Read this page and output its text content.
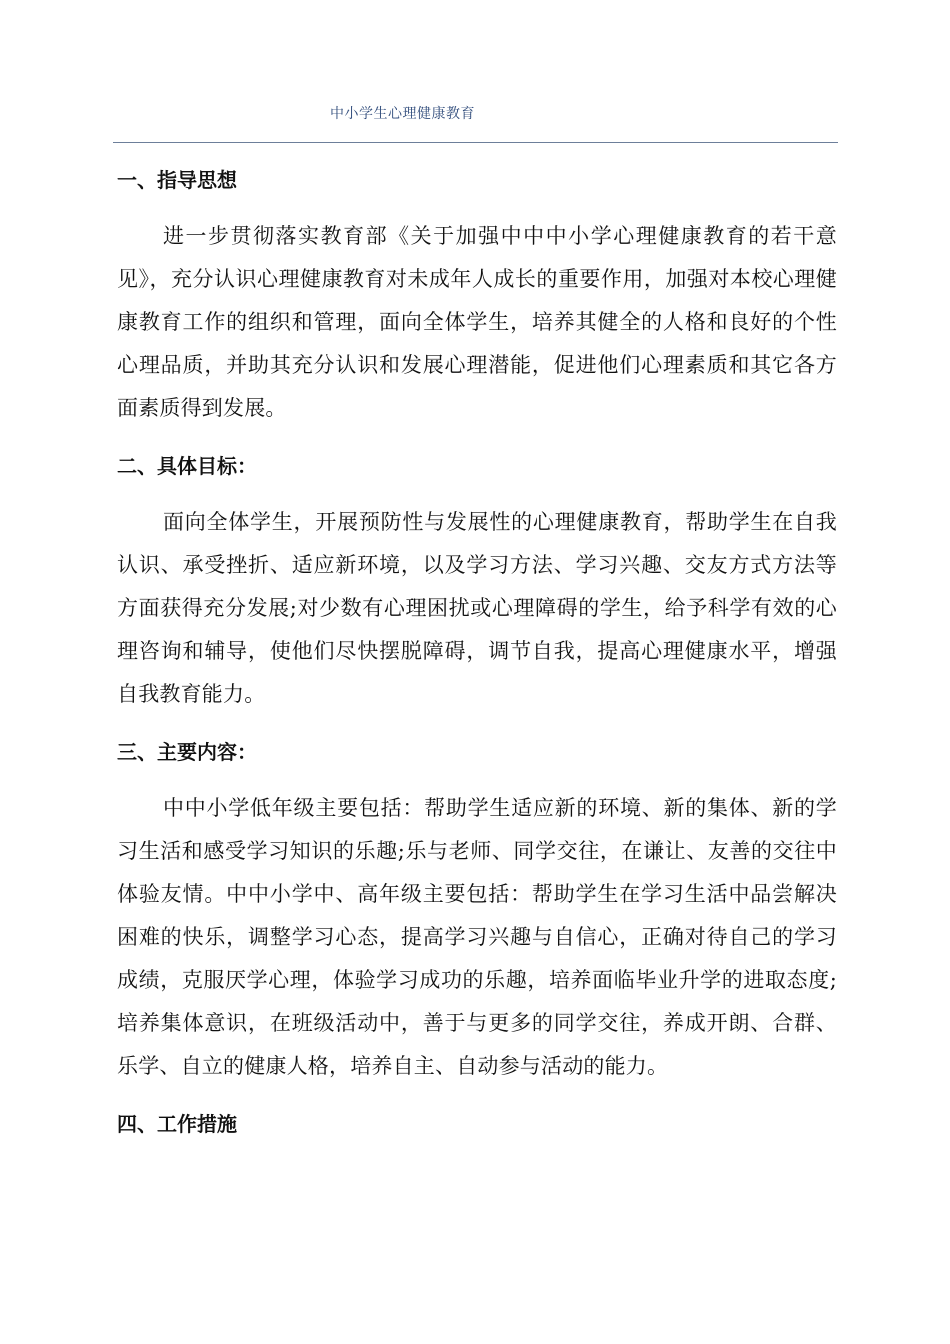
中小学生心理健康教育
一、指导思想

进一步贯彻落实教育部《关于加强中中中小学心理健康教育的若干意见》，充分认识心理健康教育对未成年人成长的重要作用，加强对本校心理健康教育工作的组织和管理，面向全体学生，培养其健全的人格和良好的个性心理品质，并助其充分认识和发展心理潜能，促进他们心理素质和其它各方面素质得到发展。

二、具体目标：

面向全体学生，开展预防性与发展性的心理健康教育，帮助学生在自我认识、承受挫折、适应新环境，以及学习方法、学习兴趣、交友方式方法等方面获得充分发展;对少数有心理困扰或心理障碍的学生，给予科学有效的心理咨询和辅导，使他们尽快摆脱障碍，调节自我，提高心理健康水平，增强自我教育能力。

三、主要内容：

中中小学低年级主要包括：帮助学生适应新的环境、新的集体、新的学习生活和感受学习知识的乐趣;乐与老师、同学交往，在谦让、友善的交往中体验友情。中中小学中、高年级主要包括：帮助学生在学习生活中品尝解决困难的快乐，调整学习心态，提高学习兴趣与自信心，正确对待自己的学习成绩，克服厌学心理，体验学习成功的乐趣，培养面临毕业升学的进取态度;培养集体意识，在班级活动中，善于与更多的同学交往，养成开朗、合群、乐学、自立的健康人格，培养自主、自动参与活动的能力。

四、工作措施
